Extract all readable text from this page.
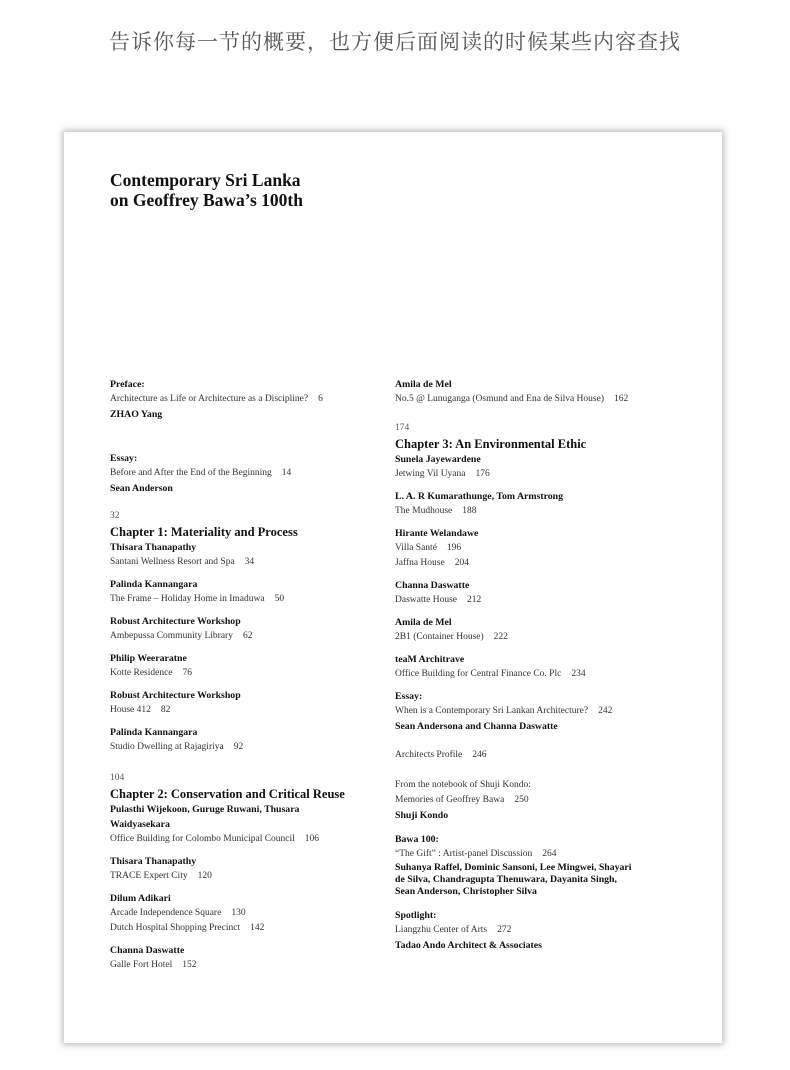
告诉你每一节的概要，也方便后面阅读的时候某些内容查找
Contemporary Sri Lanka
on Geoffrey Bawa’s 100th
Preface:
Architecture as Life or Architecture as a Discipline? 6
ZHAO Yang
Essay:
Before and After the End of the Beginning 14
Sean Anderson
32
Chapter 1: Materiality and Process
Thisara Thanapathy
Santani Wellness Resort and Spa 34
Palinda Kannangara
The Frame – Holiday Home in Imaduwa 50
Robust Architecture Workshop
Ambepussa Community Library 62
Philip Weeraratne
Kotte Residence 76
Robust Architecture Workshop
House 412 82
Palinda Kannangara
Studio Dwelling at Rajagiriya 92
104
Chapter 2: Conservation and Critical Reuse
Pulasthi Wijekoon, Guruge Ruwani, Thusara
Waidyasekara
Office Building for Colombo Municipal Council 106
Thisara Thanapathy
TRACE Expert City 120
Dilum Adikari
Arcade Independence Square 130
Dutch Hospital Shopping Precinct 142
Channa Daswatte
Galle Fort Hotel 152
Amila de Mel
No.5 @ Lunuganga (Osmund and Ena de Silva House) 162
174
Chapter 3: An Environmental Ethic
Sunela Jayewardene
Jetwing Vil Uyana 176
L. A. R Kumarathunge, Tom Armstrong
The Mudhouse 188
Hirante Welandawe
Villa Santé 196
Jaffna House 204
Channa Daswatte
Daswatte House 212
Amila de Mel
2B1 (Container House) 222
teaM Architrave
Office Building for Central Finance Co. Plc 234
Essay:
When is a Contemporary Sri Lankan Architecture? 242
Sean Andersona and Channa Daswatte
Architects Profile 246
From the notebook of Shuji Kondo:
Memories of Geoffrey Bawa 250
Shuji Kondo
Bawa 100:
“The Gift” : Artist-panel Discussion 264
Suhanya Raffel, Dominic Sansoni, Lee Mingwei, Shayari
de Silva, Chandragupta Thenuwara, Dayanita Singh,
Sean Anderson, Christopher Silva
Spotlight:
Liangzhu Center of Arts 272
Tadao Ando Architect & Associates
